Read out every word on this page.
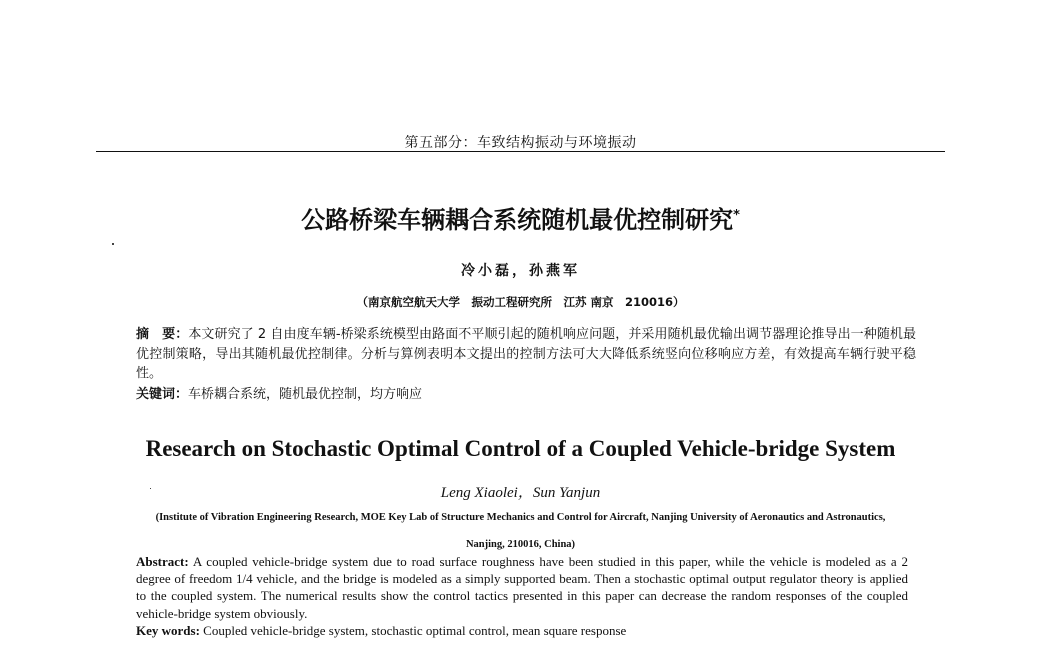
第五部分：车致结构振动与环境振动
公路桥梁车辆耦合系统随机最优控制研究*
冷小磊，孙燕军
（南京航空航天大学　振动工程研究所　江苏 南京　210016）
摘　要：本文研究了 2 自由度车辆-桥梁系统模型由路面不平顺引起的随机响应问题，并采用随机最优输出调节器理论推导出一种随机最优控制策略，导出其随机最优控制律。分析与算例表明本文提出的控制方法可大大降低系统竖向位移响应方差，有效提高车辆行驶平稳性。
关键词：车桥耦合系统，随机最优控制，均方响应
Research on Stochastic Optimal Control of a Coupled Vehicle-bridge System
Leng Xiaolei，Sun Yanjun
(Institute of Vibration Engineering Research, MOE Key Lab of Structure Mechanics and Control for Aircraft, Nanjing University of Aeronautics and Astronautics,
Nanjing, 210016, China)
Abstract: A coupled vehicle-bridge system due to road surface roughness have been studied in this paper, while the vehicle is modeled as a 2 degree of freedom 1/4 vehicle, and the bridge is modeled as a simply supported beam. Then a stochastic optimal output regulator theory is applied to the coupled system. The numerical results show the control tactics presented in this paper can decrease the random responses of the coupled vehicle-bridge system obviously.
Key words: Coupled vehicle-bridge system, stochastic optimal control, mean square response
